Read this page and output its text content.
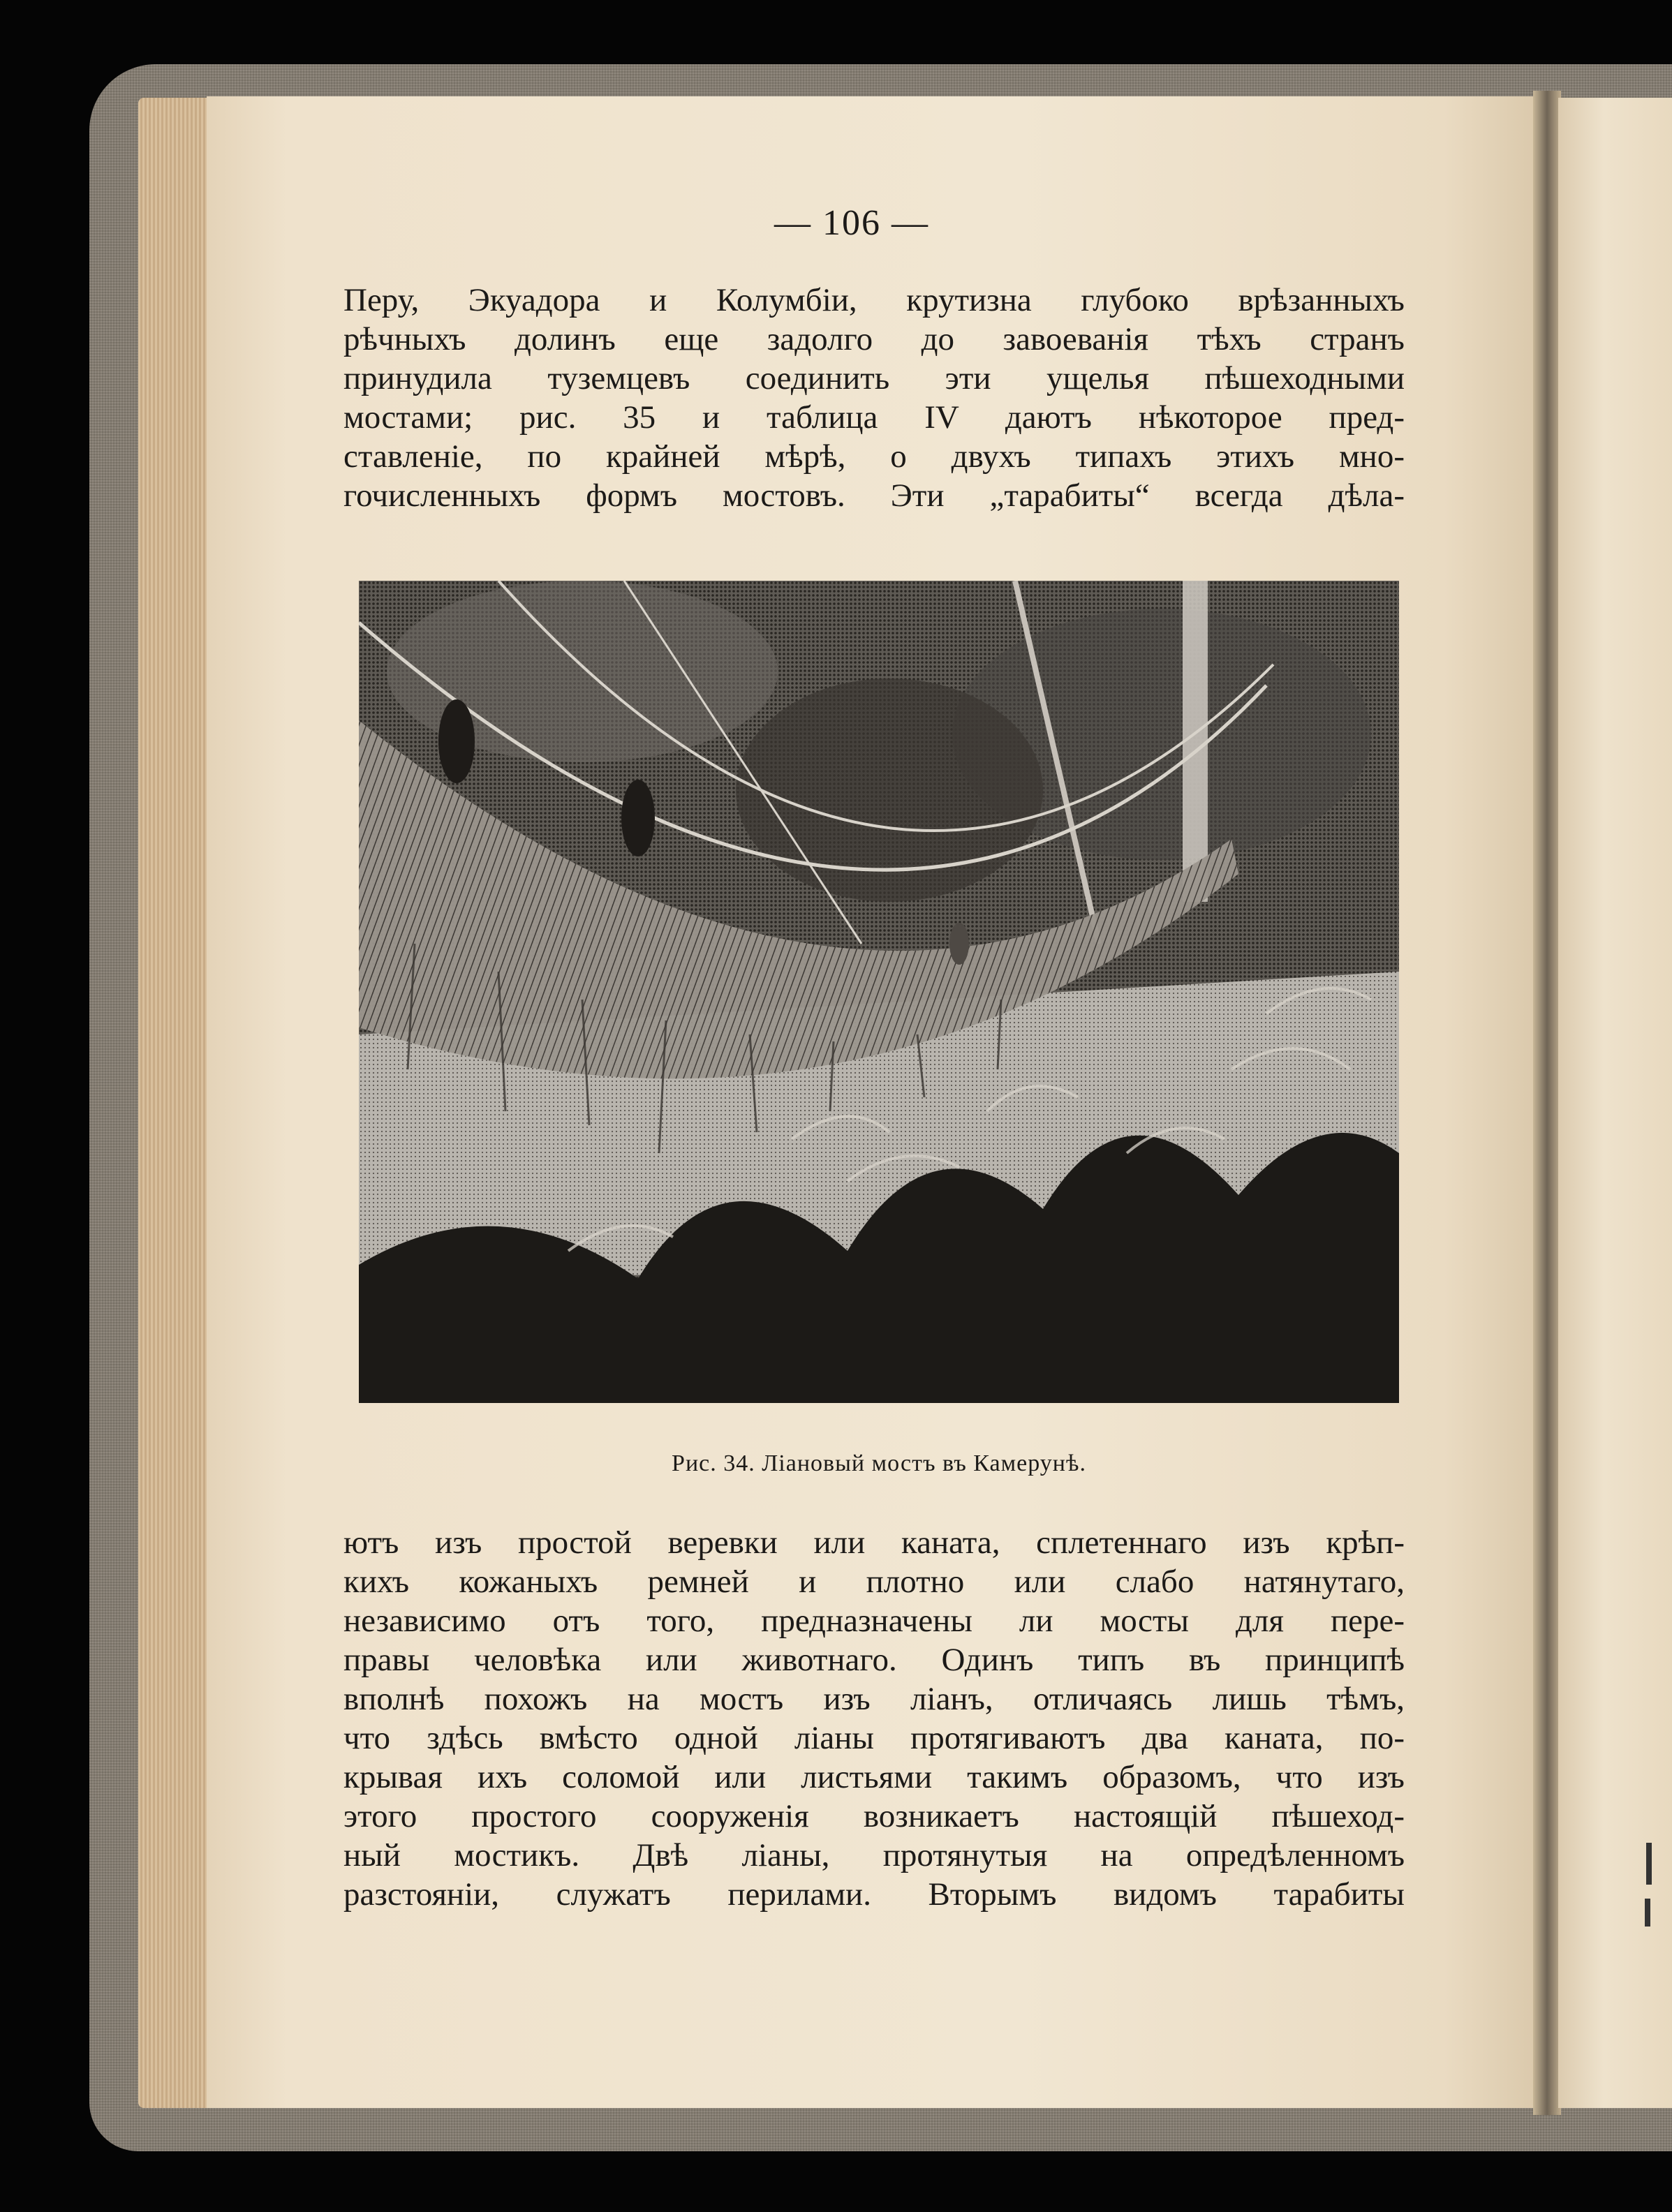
— 106 —
Перу, Экуадора и Колумбіи, крутизна глубоко врѣзанныхъ
рѣчныхъ долинъ еще задолго до завоеванія тѣхъ странъ
принудила туземцевъ соединить эти ущелья пѣшеходными
мостами; рис. 35 и таблица IV даютъ нѣкоторое пред-
ставленіе, по крайней мѣрѣ, о двухъ типахъ этихъ мно-
гочисленныхъ формъ мостовъ. Эти „тарабиты“ всегда дѣла-
Рис. 34. Ліановый мостъ въ Камерунѣ.
ютъ изъ простой веревки или каната, сплетеннаго изъ крѣп-
кихъ кожаныхъ ремней и плотно или слабо натянутаго,
независимо отъ того, предназначены ли мосты для пере-
правы человѣка или животнаго. Одинъ типъ въ принципѣ
вполнѣ похожъ на мостъ изъ ліанъ, отличаясь лишь тѣмъ,
что здѣсь вмѣсто одной ліаны протягиваютъ два каната, по-
крывая ихъ соломой или листьями такимъ образомъ, что изъ
этого простого сооруженія возникаетъ настоящій пѣшеход-
ный мостикъ. Двѣ ліаны, протянутыя на опредѣленномъ
разстояніи, служатъ перилами. Вторымъ видомъ тарабиты
